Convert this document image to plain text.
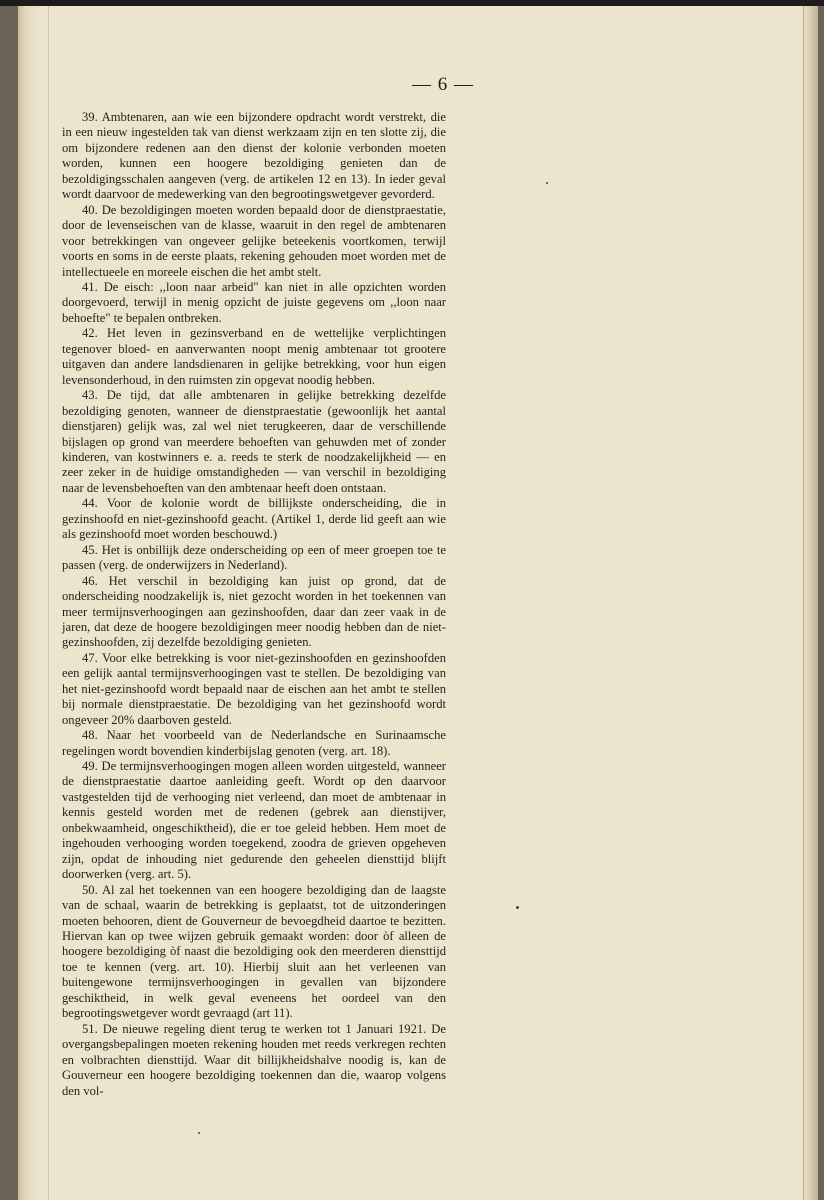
— 6 —

39. Ambtenaren, aan wie een bijzondere opdracht wordt verstrekt, die in een nieuw ingestelden tak van dienst werkzaam zijn en ten slotte zij, die om bijzondere redenen aan den dienst der kolonie verbonden moeten worden, kunnen een hoogere bezoldiging genieten dan de bezoldigingsschalen aangeven (verg. de artikelen 12 en 13). In ieder geval wordt daarvoor de medewerking van den begrootingswetgever gevorderd.

40. De bezoldigingen moeten worden bepaald door de dienstpraestatie, door de levenseischen van de klasse, waaruit in den regel de ambtenaren voor betrekkingen van ongeveer gelijke beteekenis voortkomen, terwijl voorts en soms in de eerste plaats, rekening gehouden moet worden met de intellectueele en moreele eischen die het ambt stelt.

41. De eisch: ,,loon naar arbeid" kan niet in alle opzichten worden doorgevoerd, terwijl in menig opzicht de juiste gegevens om ,,loon naar behoefte" te bepalen ontbreken.

42. Het leven in gezinsverband en de wettelijke verplichtingen tegenover bloed- en aanverwanten noopt menig ambtenaar tot grootere uitgaven dan andere landsdienaren in gelijke betrekking, voor hun eigen levensonderhoud, in den ruimsten zin opgevat noodig hebben.

43. De tijd, dat alle ambtenaren in gelijke betrekking dezelfde bezoldiging genoten, wanneer de dienstpraestatie (gewoonlijk het aantal dienstjaren) gelijk was, zal wel niet terugkeeren, daar de verschillende bijslagen op grond van meerdere behoeften van gehuwden met of zonder kinderen, van kostwinners e. a. reeds te sterk de noodzakelijkheid — en zeer zeker in de huidige omstandigheden — van verschil in bezoldiging naar de levensbehoeften van den ambtenaar heeft doen ontstaan.

44. Voor de kolonie wordt de billijkste onderscheiding, die in gezinshoofd en niet-gezinshoofd geacht. (Artikel 1, derde lid geeft aan wie als gezinshoofd moet worden beschouwd.)

45. Het is onbillijk deze onderscheiding op een of meer groepen toe te passen (verg. de onderwijzers in Nederland).

46. Het verschil in bezoldiging kan juist op grond, dat de onderscheiding noodzakelijk is, niet gezocht worden in het toekennen van meer termijnsverhoogingen aan gezinshoofden, daar dan zeer vaak in de jaren, dat deze de hoogere bezoldigingen meer noodig hebben dan de niet-gezinshoofden, zij dezelfde bezoldiging genieten.

47. Voor elke betrekking is voor niet-gezinshoofden en gezinshoofden een gelijk aantal termijnsverhoogingen vast te stellen. De bezoldiging van het niet-gezinshoofd wordt bepaald naar de eischen aan het ambt te stellen bij normale dienstpraestatie. De bezoldiging van het gezinshoofd wordt ongeveer 20% daarboven gesteld.

48. Naar het voorbeeld van de Nederlandsche en Surinaamsche regelingen wordt bovendien kinderbijslag genoten (verg. art. 18).

49. De termijnsverhoogingen mogen alleen worden uitgesteld, wanneer de dienstpraestatie daartoe aanleiding geeft. Wordt op den daarvoor vastgestelden tijd de verhooging niet verleend, dan moet de ambtenaar in kennis gesteld worden met de redenen (gebrek aan dienstijver, onbekwaamheid, ongeschiktheid), die er toe geleid hebben. Hem moet de ingehouden verhooging worden toegekend, zoodra de grieven opgeheven zijn, opdat de inhouding niet gedurende den geheelen diensttijd blijft doorwerken (verg. art. 5).

50. Al zal het toekennen van een hoogere bezoldiging dan de laagste van de schaal, waarin de betrekking is geplaatst, tot de uitzonderingen moeten behooren, dient de Gouverneur de bevoegdheid daartoe te bezitten. Hiervan kan op twee wijzen gebruik gemaakt worden: door òf alleen de hoogere bezoldiging òf naast die bezoldiging ook den meerderen diensttijd toe te kennen (verg. art. 10). Hierbij sluit aan het verleenen van buitengewone termijnsverhoogingen in gevallen van bijzondere geschiktheid, in welk geval eveneens het oordeel van den begrootingswetgever wordt gevraagd (art 11).

51. De nieuwe regeling dient terug te werken tot 1 Januari 1921. De overgangsbepalingen moeten rekening houden met reeds verkregen rechten en volbrachten diensttijd. Waar dit billijkheidshalve noodig is, kan de Gouverneur een hoogere bezoldiging toekennen dan die, waarop volgens den vol-
